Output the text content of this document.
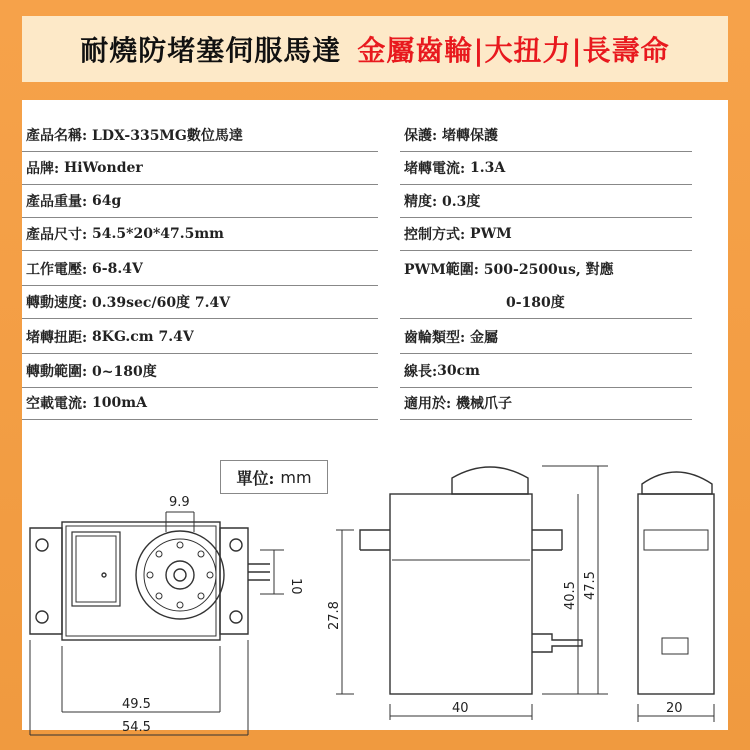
耐燒防堵塞伺服馬達 金屬齒輪|大扭力|長壽命
產品名稱:
LDX-335MG數位馬達
品牌:
HiWonder
產品重量:
64g
產品尺寸:
54.5*20*47.5mm
工作電壓:
6-8.4V
轉動速度:
0.39sec/60度 7.4V
堵轉扭距:
8KG.cm 7.4V
轉動範圍:
0~180度
空載電流:
100mA
保護:
堵轉保護
堵轉電流:
1.3A
精度:
0.3度
控制方式:
PWM
PWM範圍:
500-2500us, 對應
0-180度
齒輪類型:
金屬
線長: 30cm
適用於:
機械爪子
單位: mm
9.9
49.5
54.5
10
27.8
40
40.5 47.5
20
